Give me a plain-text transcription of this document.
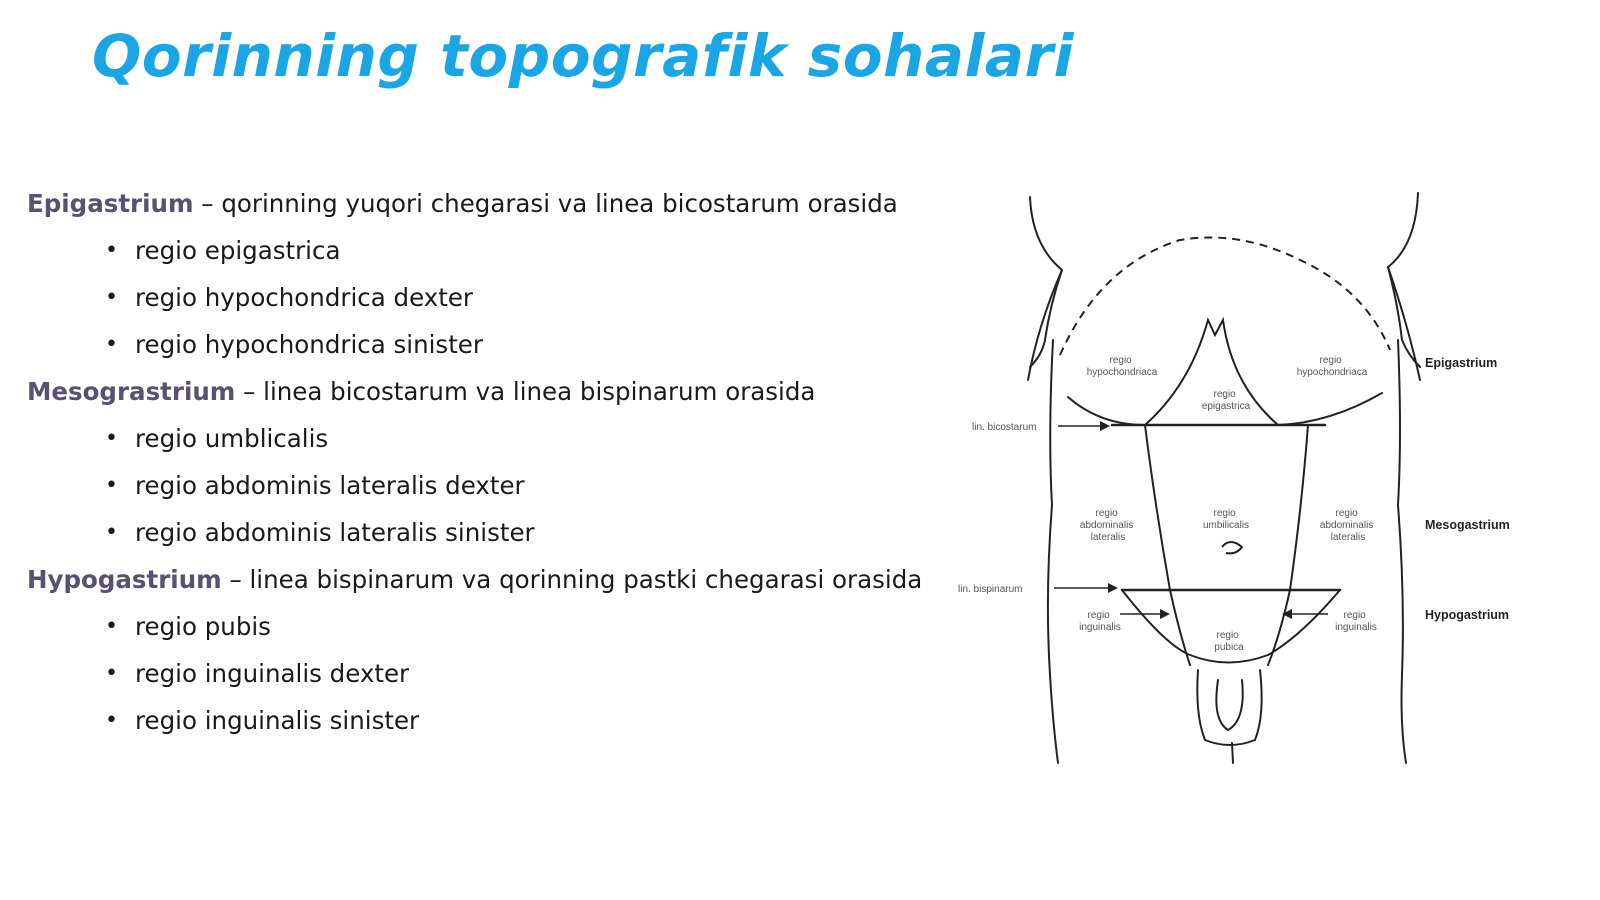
Qorinning topografik sohalari
Epigastrium – qorinning yuqori chegarasi va linea bicostarum orasida
• regio epigastrica
• regio hypochondrica dexter
• regio hypochondrica sinister
Mesograstrium – linea bicostarum va linea bispinarum orasida
• regio umblicalis
• regio abdominis lateralis dexter
• regio abdominis lateralis sinister
Hypogastrium – linea bispinarum va qorinning pastki chegarasi orasida
• regio pubis
• regio inguinalis dexter
• regio inguinalis sinister
lin. bicostarum
lin. bispinarum
Epigastrium
Mesogastrium
Hypogastrium
regio hypochondriaca
regio hypochondriaca
regio epigastrica
regio abdominalis lateralis
regio umbilicalis
regio abdominalis lateralis
regio inguinalis
regio pubica
regio inguinalis
